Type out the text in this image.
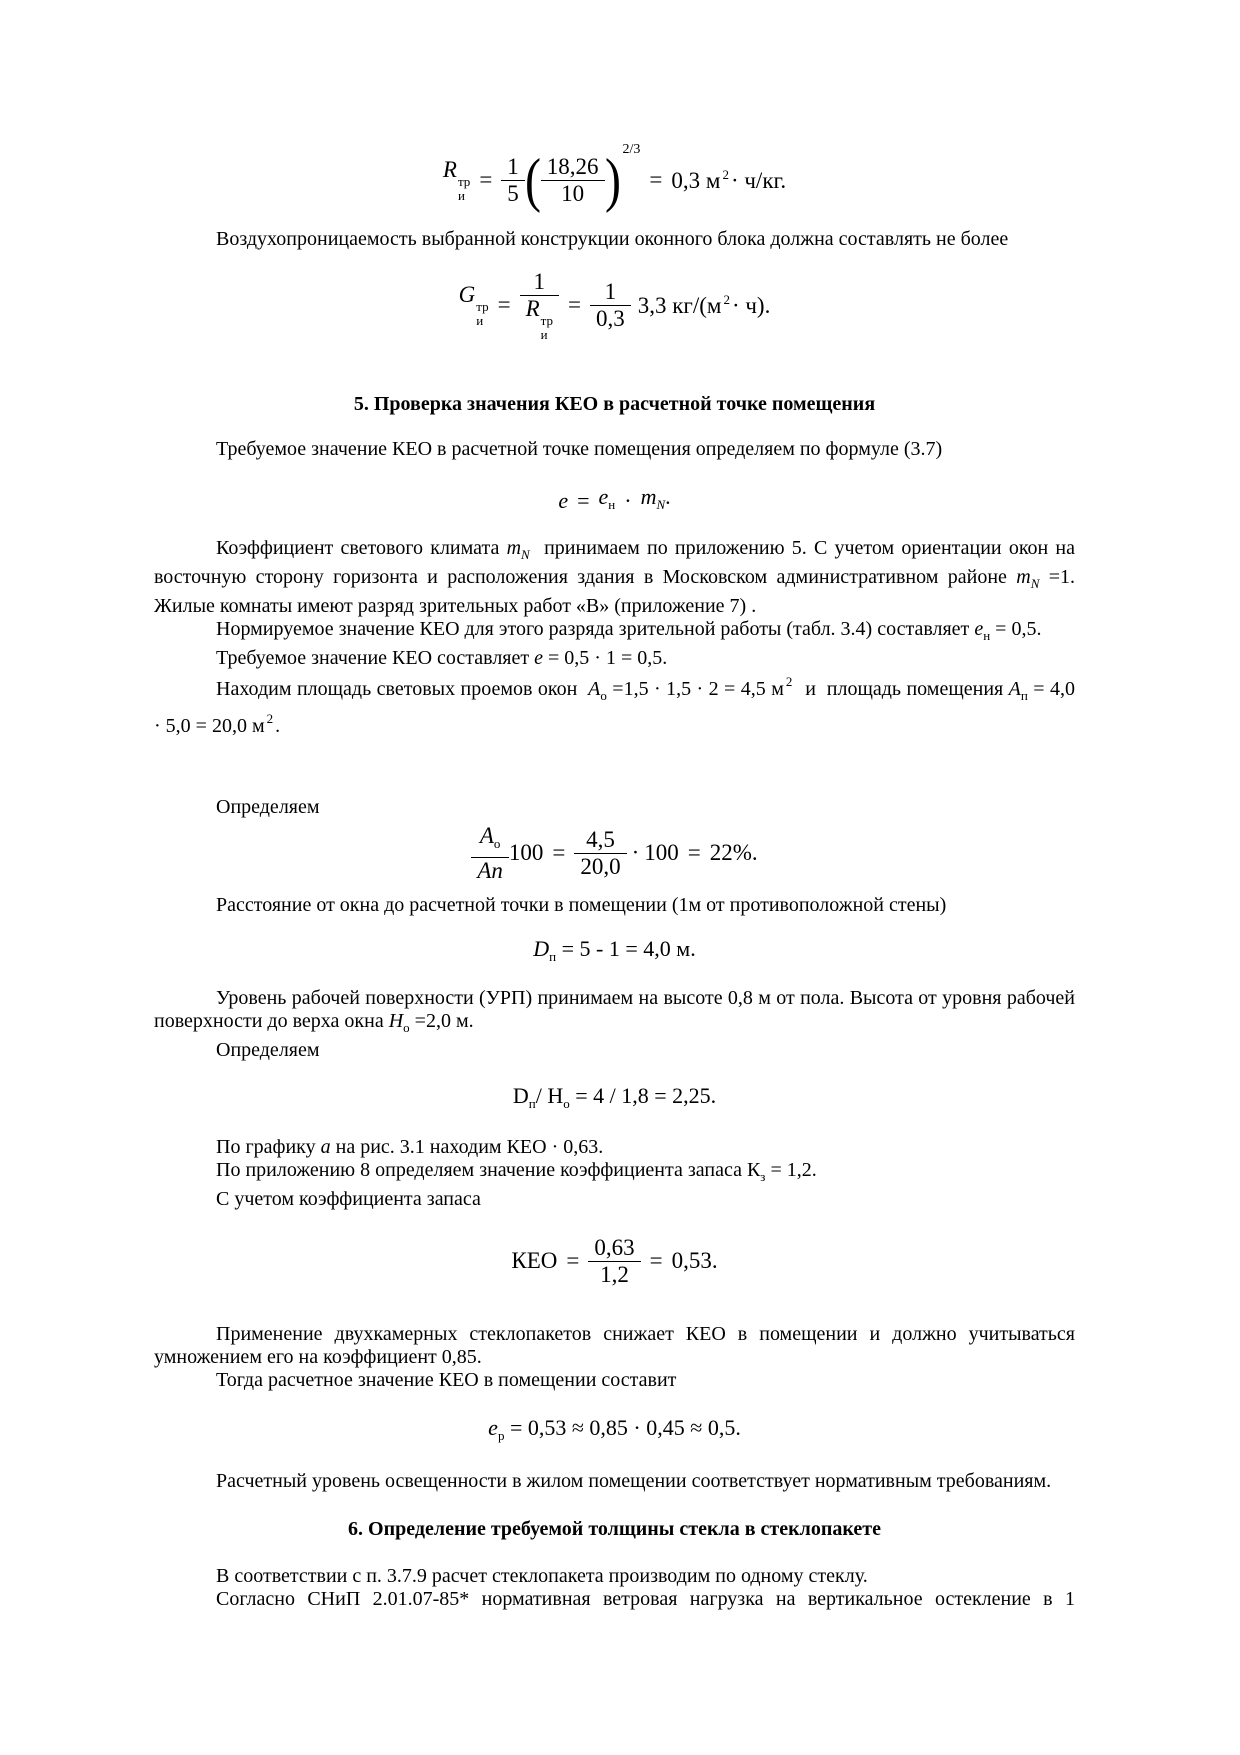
R тр
и
= $\frac{1}{5}$ ( $\frac{18,26}{10}$ ) 2/3
= 0,3 м $^2$· ч/кг.

Воздухопроницаемость выбранной конструкции оконного блока должна составлять не более

G тр
и
= 1
R тр
$и = \frac{1}{0,3} 3,3$ кг/(м $^2$· ч).
5. Проверка значения КЕО в расчетной точке помещения

Требуемое значение КЕО в расчетной точке помещения определяем по формуле (3.7)

$e = e_н \cdot m_N$.

Коэффициент светового климата $m_N$  принимаем по приложению 5. С учетом ориентации окон на восточную сторону горизонта и расположения здания в Московском административном районе $m_N =1$. Жилые комнаты имеют разряд зрительных работ «В» (приложение 7) .

Нормируемое значение КЕО для этого разряда зрительной работы (табл. 3.4) составляет $e_н = 0,5$.

Требуемое значение КЕО составляет e = 0,5 · 1 = 0,5.

Находим площадь световых проемов окон  $А_о =1,5 \cdot 1,5 \cdot 2 = 4,5$ м $^2$  и  площадь помещения $А_п = 4,0 \cdot 5,0 = 20,0$ м $^2$ .

Определяем

$\frac{А_о}{Ап} 100 = \frac{4,5}{20,0} \cdot 100 = 22\%$.

Расстояние от окна до расчетной точки в помещении (1м от противоположной стены)

$D_п = 5 - 1 = 4,0$ м.

Уровень рабочей поверхности (УРП) принимаем на высоте 0,8 м от пола. Высота от уровня рабочей поверхности до верха окна $Н_о =2,0$ м.

Определяем

$D_п/$ $Н_о = 4 / 1,8 = 2,25$.

По графику а на рис. 3.1 находим КЕО · 0,63.

По приложению 8 определяем значение коэффициента запаса $К_з = 1,2$.

С учетом коэффициента запаса

КЕО = $\frac{0,63}{1,2} = 0,53$.

Применение двухкамерных стеклопакетов снижает КЕО в помещении и должно учитываться умножением его на коэффициент 0,85.

Тогда расчетное значение КЕО в помещении составит

$e_р = 0,53 \approx 0,85 \cdot 0,45 \approx 0,5$.

Расчетный уровень освещенности в жилом помещении соответствует нормативным требованиям.

6. Определение требуемой толщины стекла в стеклопакете

В соответствии с п. 3.7.9 расчет стеклопакета производим по одному стеклу.

Согласно СНиП 2.01.07-85* нормативная ветровая нагрузка на вертикальное остекление в 1
